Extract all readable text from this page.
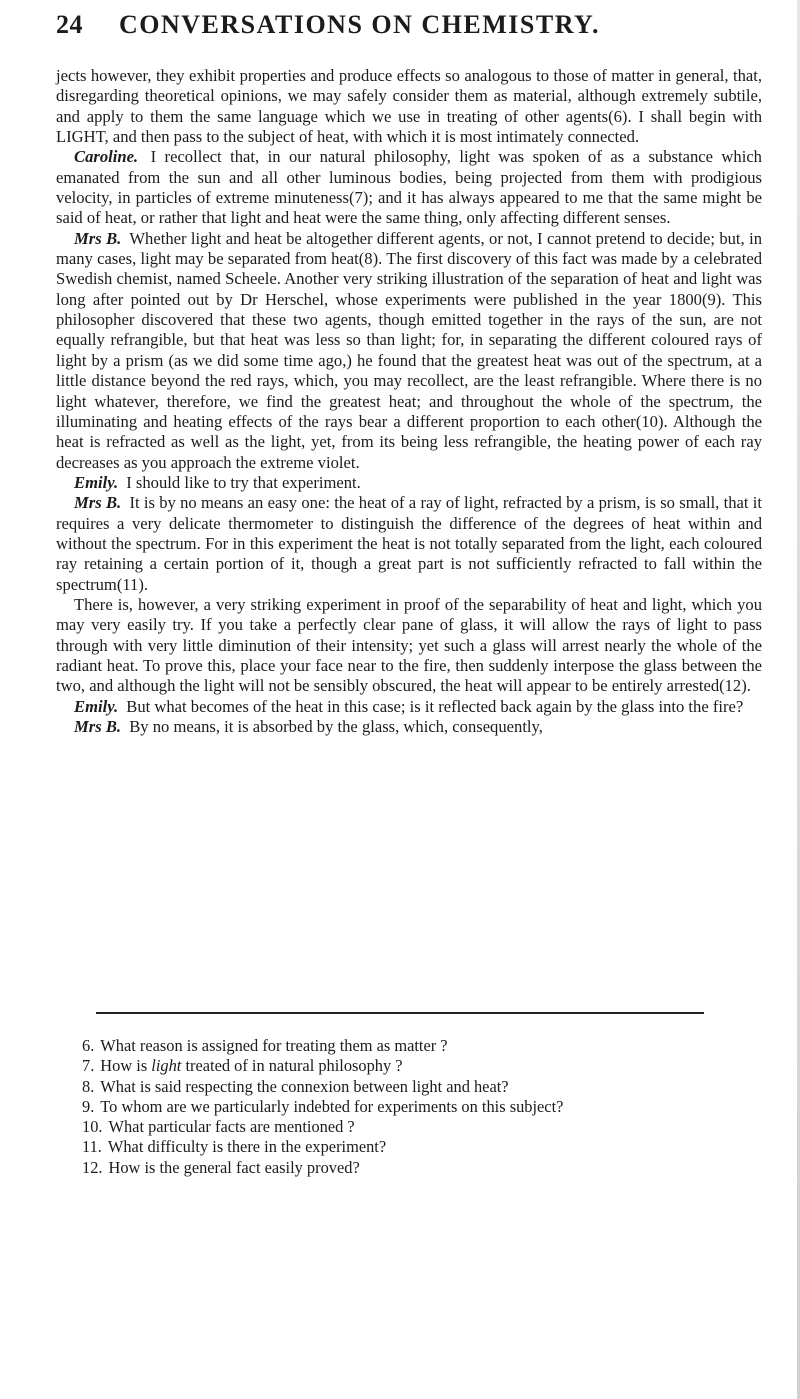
24 CONVERSATIONS ON CHEMISTRY.

jects however, they exhibit properties and produce effects so analogous to those of matter in general, that, disregarding theoretical opinions, we may safely consider them as material, although extremely subtile, and apply to them the same language which we use in treating of other agents(6). I shall begin with LIGHT, and then pass to the subject of heat, with which it is most intimately connected.

Caroline. I recollect that, in our natural philosophy, light was spoken of as a substance which emanated from the sun and all other luminous bodies, being projected from them with prodigious velocity, in particles of extreme minuteness(7); and it has always appeared to me that the same might be said of heat, or rather that light and heat were the same thing, only affecting different senses.

Mrs B. Whether light and heat be altogether different agents, or not, I cannot pretend to decide; but, in many cases, light may be separated from heat(8). The first discovery of this fact was made by a celebrated Swedish chemist, named Scheele. Another very striking illustration of the separation of heat and light was long after pointed out by Dr Herschel, whose experiments were published in the year 1800(9). This philosopher discovered that these two agents, though emitted together in the rays of the sun, are not equally refrangible, but that heat was less so than light; for, in separating the different coloured rays of light by a prism (as we did some time ago,) he found that the greatest heat was out of the spectrum, at a little distance beyond the red rays, which, you may recollect, are the least refrangible. Where there is no light whatever, therefore, we find the greatest heat; and throughout the whole of the spectrum, the illuminating and heating effects of the rays bear a different proportion to each other(10). Although the heat is refracted as well as the light, yet, from its being less refrangible, the heating power of each ray decreases as you approach the extreme violet.

Emily. I should like to try that experiment.

Mrs B. It is by no means an easy one: the heat of a ray of light, refracted by a prism, is so small, that it requires a very delicate thermometer to distinguish the difference of the degrees of heat within and without the spectrum. For in this experiment the heat is not totally separated from the light, each coloured ray retaining a certain portion of it, though a great part is not sufficiently refracted to fall within the spectrum(11).

There is, however, a very striking experiment in proof of the separability of heat and light, which you may very easily try. If you take a perfectly clear pane of glass, it will allow the rays of light to pass through with very little diminution of their intensity; yet such a glass will arrest nearly the whole of the radiant heat. To prove this, place your face near to the fire, then suddenly interpose the glass between the two, and although the light will not be sensibly obscured, the heat will appear to be entirely arrested(12).

Emily. But what becomes of the heat in this case; is it reflected back again by the glass into the fire?

Mrs B. By no means, it is absorbed by the glass, which, consequently,

6. What reason is assigned for treating them as matter ?
7. How is light treated of in natural philosophy ?
8. What is said respecting the connexion between light and heat?
9. To whom are we particularly indebted for experiments on this subject?
10. What particular facts are mentioned ?
11. What difficulty is there in the experiment?
12. How is the general fact easily proved?
